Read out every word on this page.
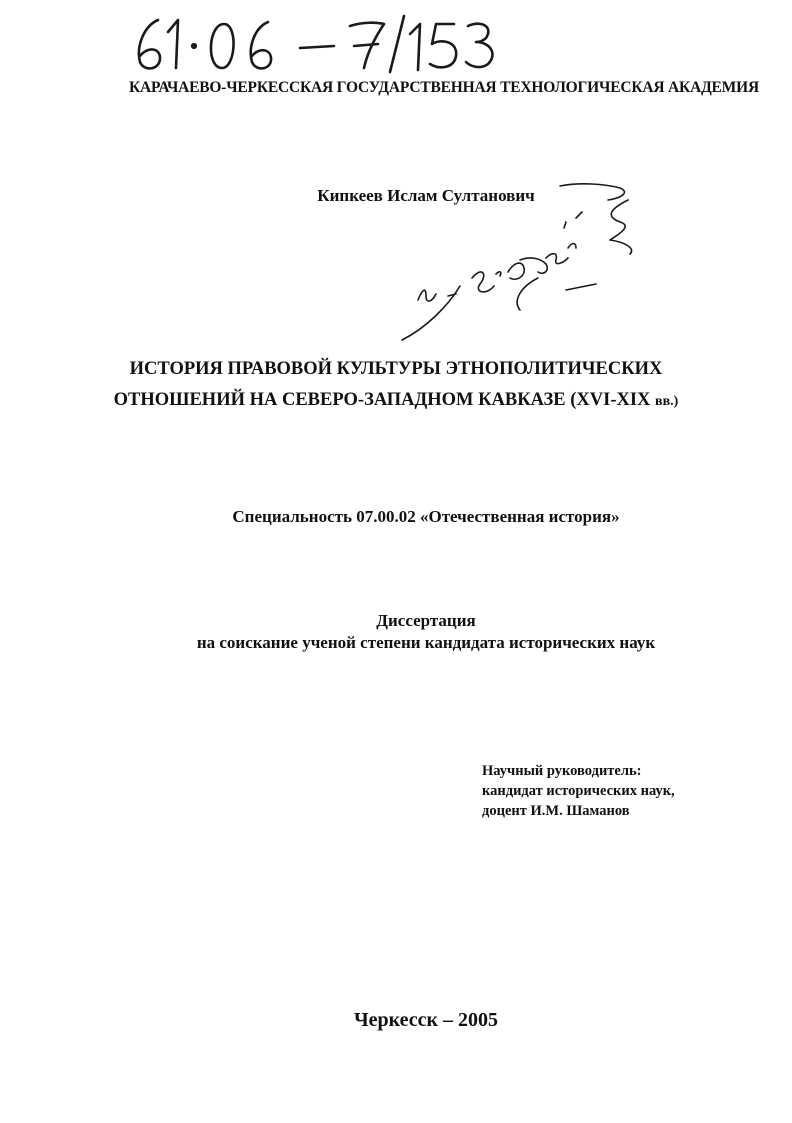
КАРАЧАЕВО-ЧЕРКЕССКАЯ ГОСУДАРСТВЕННАЯ ТЕХНОЛОГИЧЕСКАЯ АКАДЕМИЯ
Кипкеев Ислам Султанович
ИСТОРИЯ ПРАВОВОЙ КУЛЬТУРЫ ЭТНОПОЛИТИЧЕСКИХ
ОТНОШЕНИЙ НА СЕВЕРО-ЗАПАДНОМ КАВКАЗЕ (XVI-XIX вв.)
Специальность 07.00.02 «Отечественная история»
Диссертация
на соискание ученой степени кандидата исторических наук
Научный руководитель:
кандидат исторических наук,
доцент И.М. Шаманов
Черкесск – 2005
